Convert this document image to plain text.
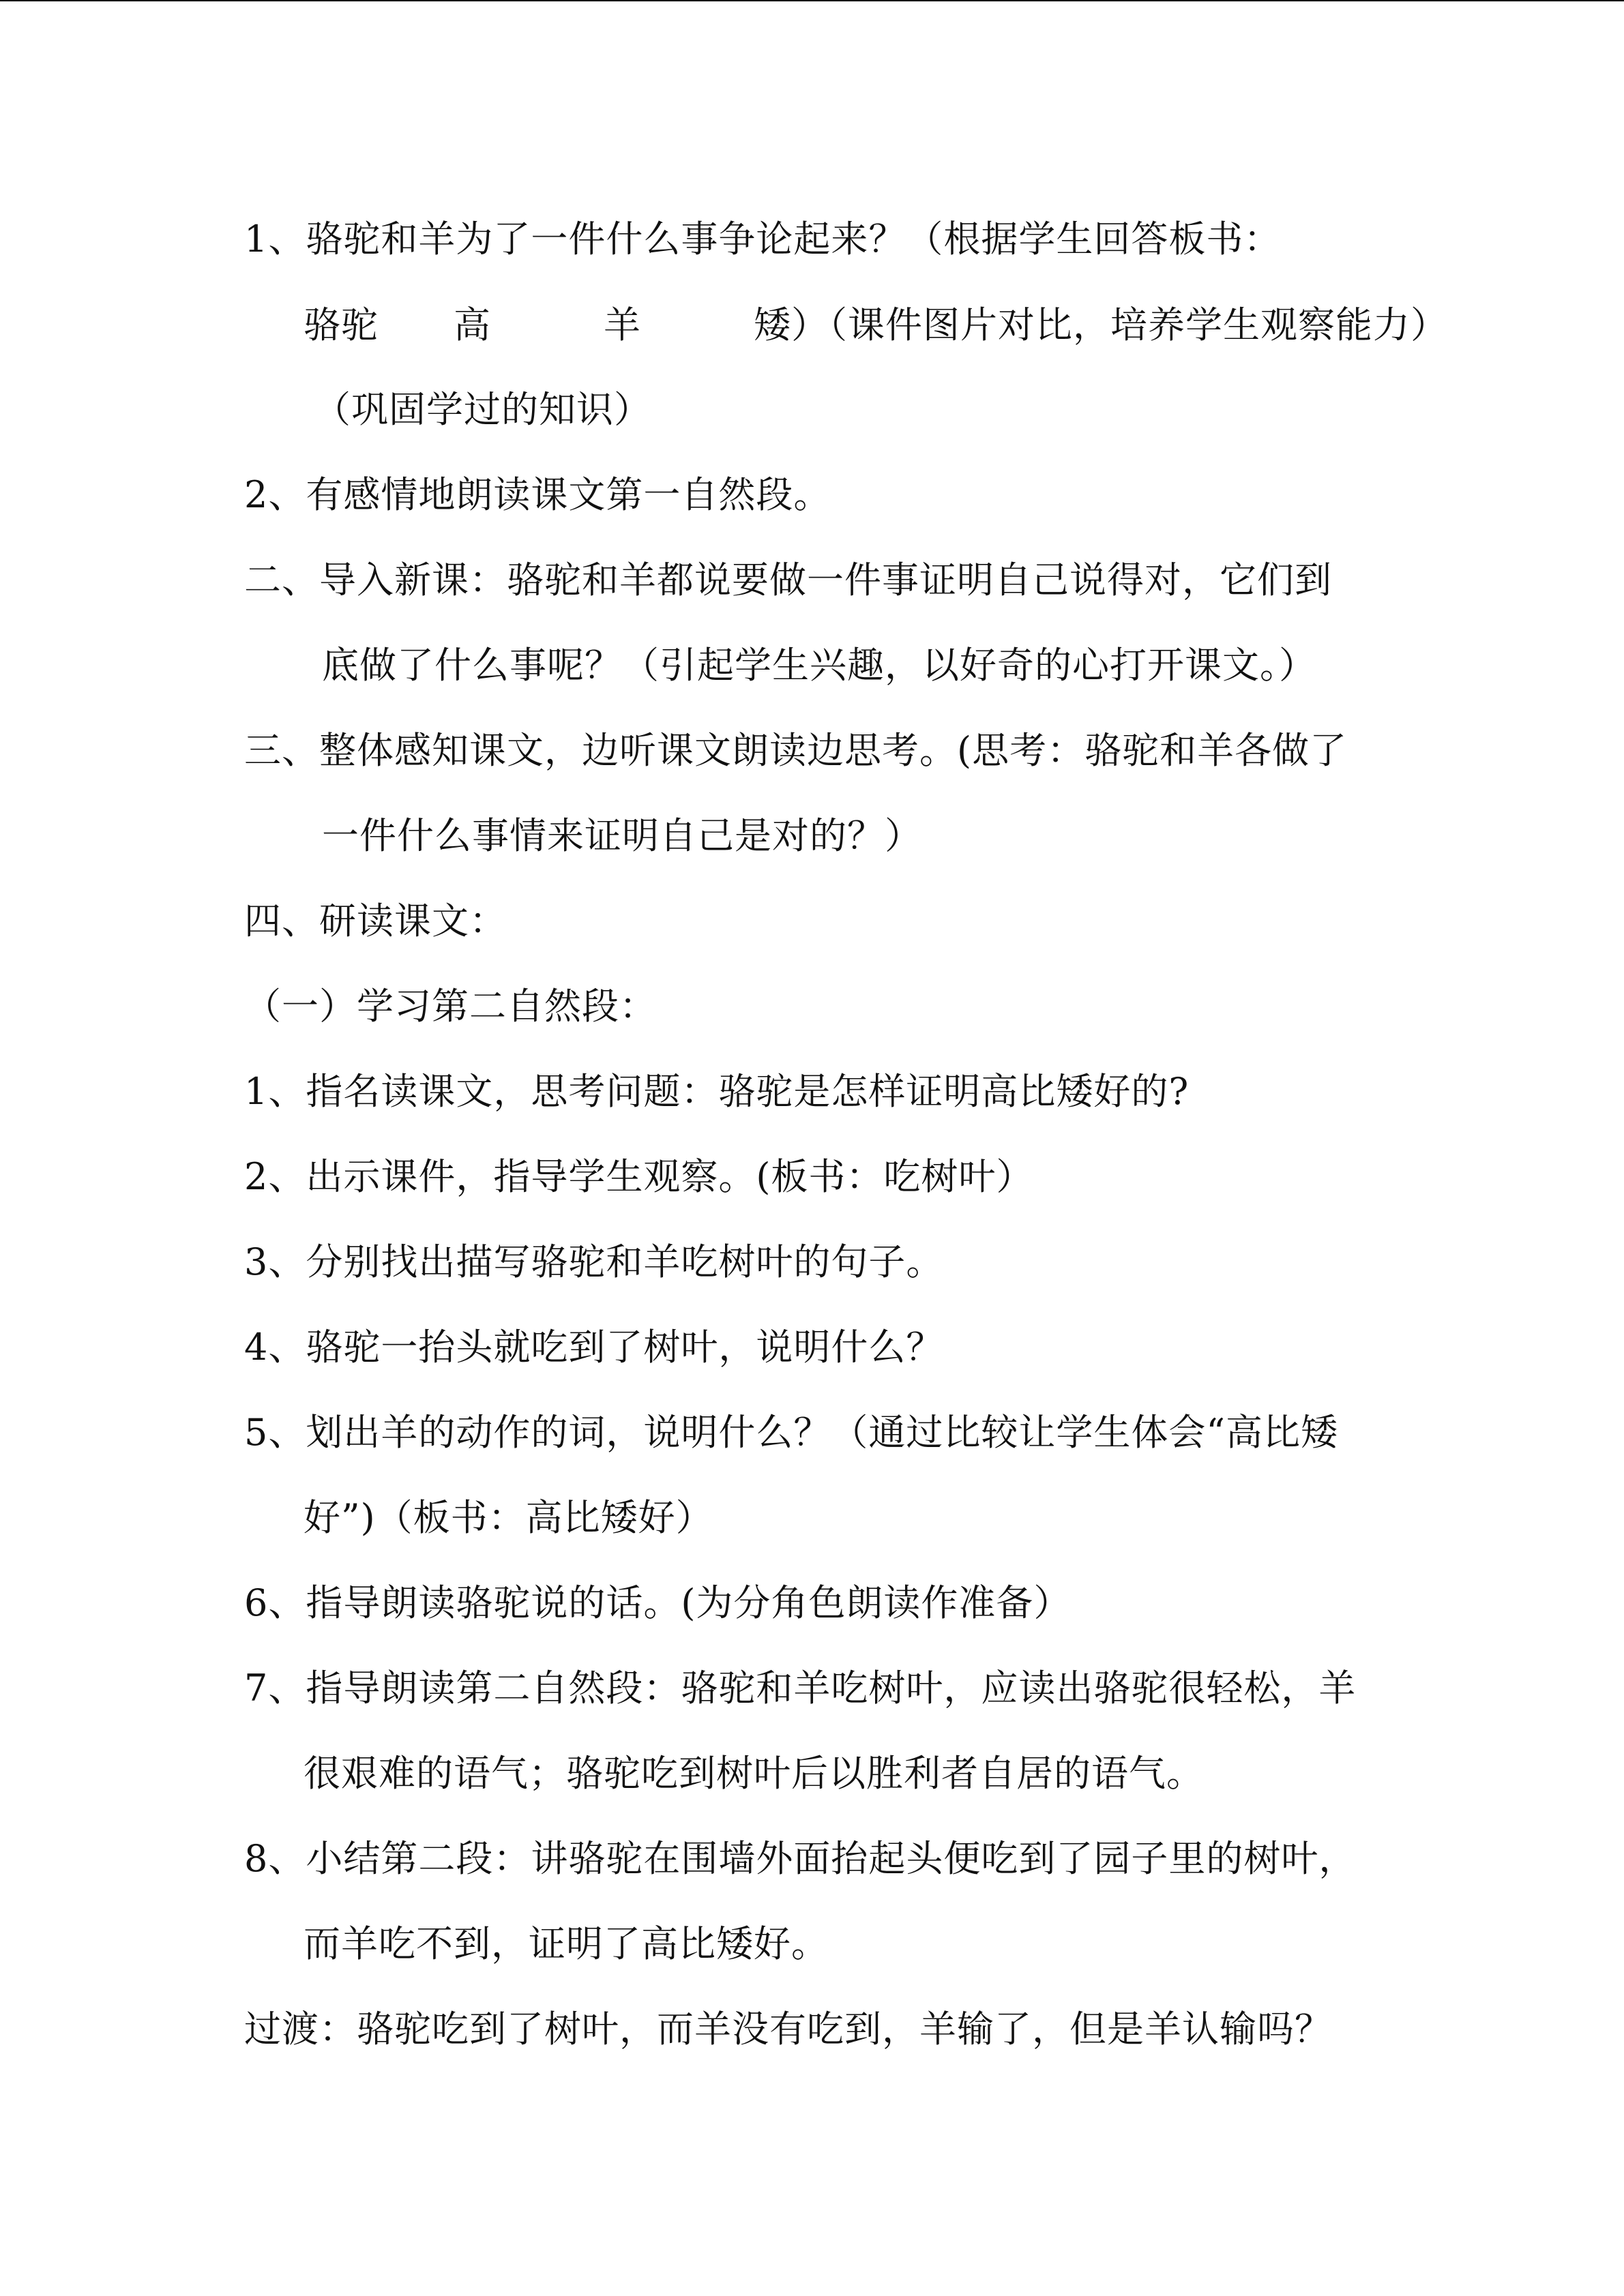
1、骆驼和羊为了一件什么事争论起来？（根据学生回答板书：
骆驼　　高　　　羊　　　矮）（课件图片对比，培养学生观察能力）
（巩固学过的知识）
2、有感情地朗读课文第一自然段。
二、导入新课：骆驼和羊都说要做一件事证明自己说得对，它们到
底做了什么事呢？（引起学生兴趣，以好奇的心打开课文。）
三、整体感知课文，边听课文朗读边思考。(思考：骆驼和羊各做了
一件什么事情来证明自己是对的？）
四、研读课文：
（一）学习第二自然段：
1、指名读课文，思考问题：骆驼是怎样证明高比矮好的?
2、出示课件，指导学生观察。(板书：吃树叶）
3、分别找出描写骆驼和羊吃树叶的句子。
4、骆驼一抬头就吃到了树叶，说明什么？
5、划出羊的动作的词，说明什么？（通过比较让学生体会“高比矮
好”)（板书：高比矮好）
6、指导朗读骆驼说的话。(为分角色朗读作准备）
7、指导朗读第二自然段：骆驼和羊吃树叶，应读出骆驼很轻松，羊
很艰难的语气；骆驼吃到树叶后以胜利者自居的语气。
8、小结第二段：讲骆驼在围墙外面抬起头便吃到了园子里的树叶，
而羊吃不到，证明了高比矮好。
过渡：骆驼吃到了树叶，而羊没有吃到，羊输了，但是羊认输吗？
